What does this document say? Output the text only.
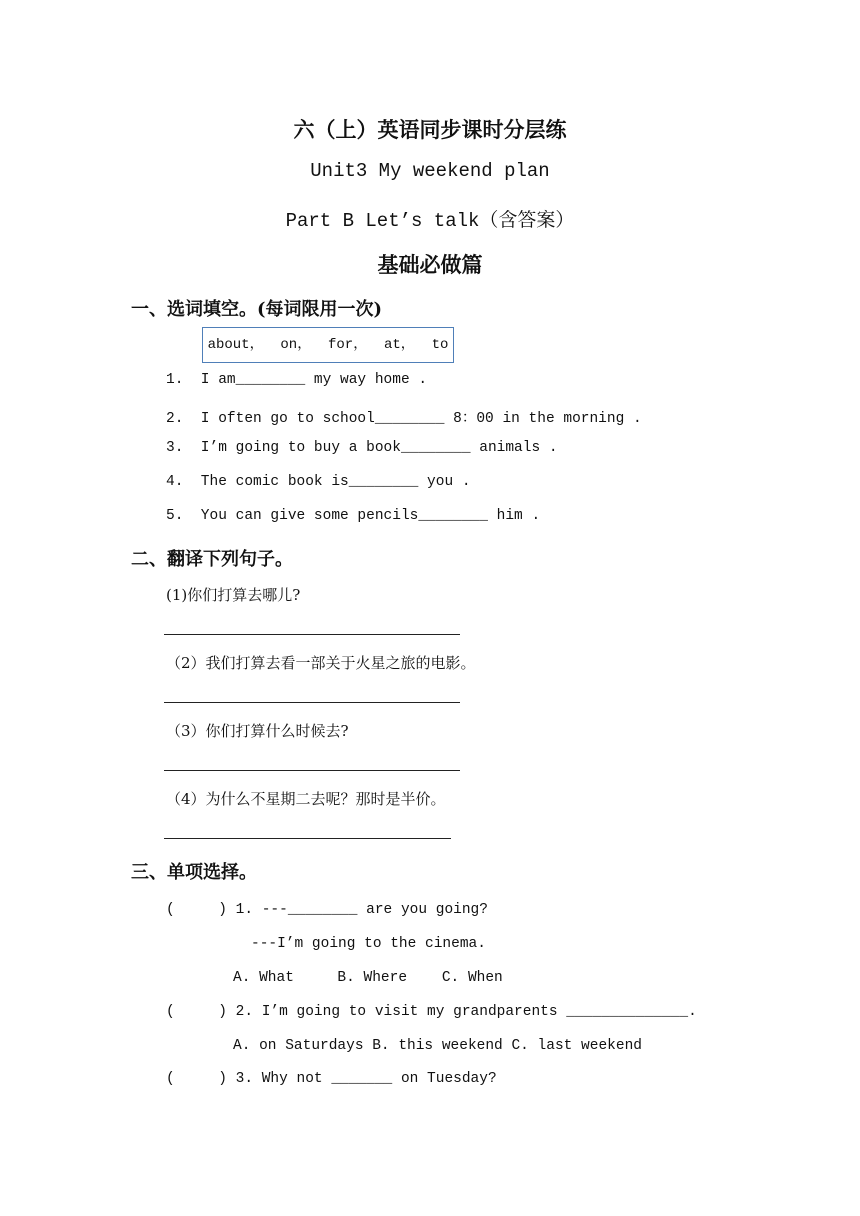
六（上）英语同步课时分层练
Unit3 My weekend plan
Part B Let’s talk（含答案）
基础必做篇
一、选词填空。(每词限用一次)
about，  on，  for，  at，  to
1.  I am________ my way home .
2.  I often go to school________ 8：00 in the morning .
3.  I’m going to buy a book________ animals .
4.  The comic book is________ you .
5.  You can give some pencils________ him .
二、翻译下列句子。
(1)你们打算去哪儿?
（2）我们打算去看一部关于火星之旅的电影。
（3）你们打算什么时候去?
（4）为什么不星期二去呢？那时是半价。
三、单项选择。
(     ) 1. ---________ are you going?
---I’m going to the cinema.
A. What     B. Where    C. When
(     ) 2. I’m going to visit my grandparents ______________.
A. on Saturdays B. this weekend C. last weekend
(     ) 3. Why not _______ on Tuesday?
